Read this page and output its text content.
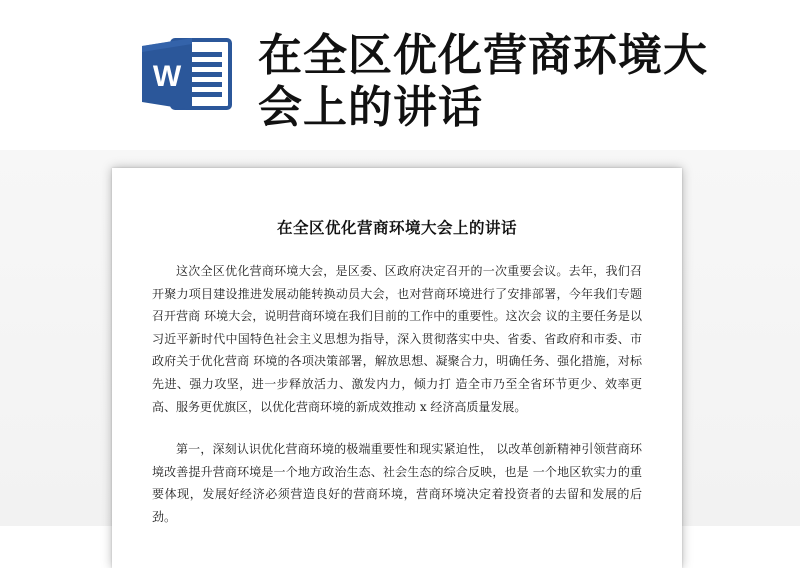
W 在全区优化营商环境大会上的讲话
在全区优化营商环境大会上的讲话

这次全区优化营商环境大会，是区委、区政府决定召开的一次重要会议。去年，我们召开聚力项目建设推进发展动能转换动员大会，也对营商环境进行了安排部署，今年我们专题召开营商 环境大会，说明营商环境在我们目前的工作中的重要性。这次会 议的主要任务是以习近平新时代中国特色社会主义思想为指导，深入贯彻落实中央、省委、省政府和市委、市政府关于优化营商 环境的各项决策部署，解放思想、凝聚合力，明确任务、强化措施，对标先进、强力攻坚，进一步释放活力、激发内力，倾力打 造全市乃至全省环节更少、效率更高、服务更优旗区，以优化营商环境的新成效推动 x 经济高质量发展。

第一，深刻认识优化营商环境的极端重要性和现实紧迫性， 以改革创新精神引领营商环境改善提升营商环境是一个地方政治生态、社会生态的综合反映，也是 一个地区软实力的重要体现，发展好经济必须营造良好的营商环境，营商环境决定着投资者的去留和发展的后劲。
